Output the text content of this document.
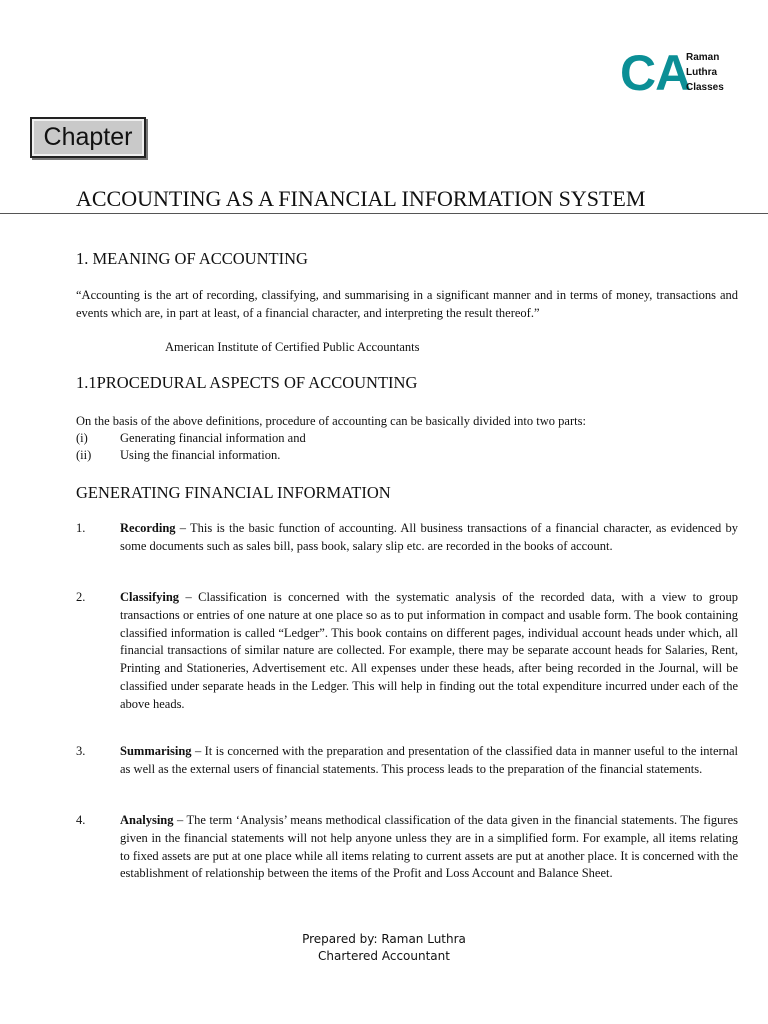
CA
Raman
Luthra
Classes
Chapter
ACCOUNTING AS A FINANCIAL INFORMATION SYSTEM
1. MEANING OF ACCOUNTING

“Accounting is the art of recording, classifying, and summarising in a significant manner and in terms of money, transactions and events which are, in part at least, of a financial character, and interpreting the result thereof.”

American Institute of Certified Public Accountants

1.1PROCEDURAL ASPECTS OF ACCOUNTING

On the basis of the above definitions, procedure of accounting can be basically divided into two parts:

(i)	Generating financial information and
(ii) Using the financial information.
GENERATING FINANCIAL INFORMATION
1.	Recording – This is the basic function of accounting. All business transactions of a financial character, as evidenced by some documents such as sales bill, pass book, salary slip etc. are recorded in the books of account.
2.	Classifying – Classification is concerned with the systematic analysis of the recorded data, with a view to group transactions or entries of one nature at one place so as to put information in compact and usable form. The book containing classified information is called “Ledger”. This book contains on different pages, individual account heads under which, all financial transactions of similar nature are collected. For example, there may be separate account heads for Salaries, Rent, Printing and Stationeries, Advertisement etc. All expenses under these heads, after being recorded in the Journal, will be classified under separate heads in the Ledger. This will help in finding out the total expenditure incurred under each of the above heads.
3.	Summarising – It is concerned with the preparation and presentation of the classified data in manner useful to the internal as well as the external users of financial statements. This process leads to the preparation of the financial statements.
4.	Analysing – The term ‘Analysis’ means methodical classification of the data given in the financial statements. The figures given in the financial statements will not help anyone unless they are in a simplified form. For example, all items relating to fixed assets are put at one place while all items relating to current assets are put at another place. It is concerned with the establishment of relationship between the items of the Profit and Loss Account and Balance Sheet.
Prepared by: Raman Luthra
Chartered Accountant
